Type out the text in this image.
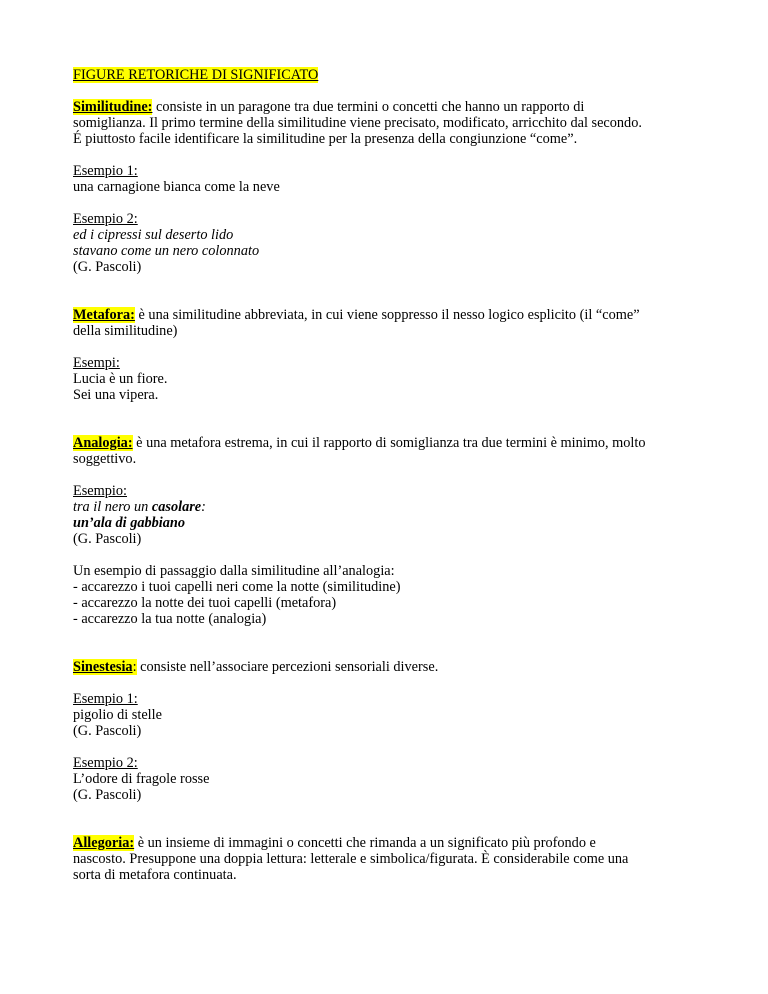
FIGURE RETORICHE DI SIGNIFICATO
Similitudine: consiste in un paragone tra due termini o concetti che hanno un rapporto di
somiglianza. Il primo termine della similitudine viene precisato, modificato, arricchito dal secondo.
É piuttosto facile identificare la similitudine per la presenza della congiunzione “come”.
Esempio 1:
una carnagione bianca come la neve
Esempio 2:
ed i cipressi sul deserto lido
stavano come un nero colonnato
(G. Pascoli)
Metafora: è una similitudine abbreviata, in cui viene soppresso il nesso logico esplicito (il “come”
della similitudine)
Esempi:
Lucia è un fiore.
Sei una vipera.
Analogia: è una metafora estrema, in cui il rapporto di somiglianza tra due termini è minimo, molto
soggettivo.
Esempio:
tra il nero un casolare:
un’ala di gabbiano
(G. Pascoli)
Un esempio di passaggio dalla similitudine all’analogia:
- accarezzo i tuoi capelli neri come la notte (similitudine)
- accarezzo la notte dei tuoi capelli (metafora)
- accarezzo la tua notte (analogia)
Sinestesia: consiste nell’associare percezioni sensoriali diverse.
Esempio 1:
pigolio di stelle
(G. Pascoli)
Esempio 2:
L’odore di fragole rosse
(G. Pascoli)
Allegoria: è un insieme di immagini o concetti che rimanda a un significato più profondo e
nascosto. Presuppone una doppia lettura: letterale e simbolica/figurata. È considerabile come una
sorta di metafora continuata.
